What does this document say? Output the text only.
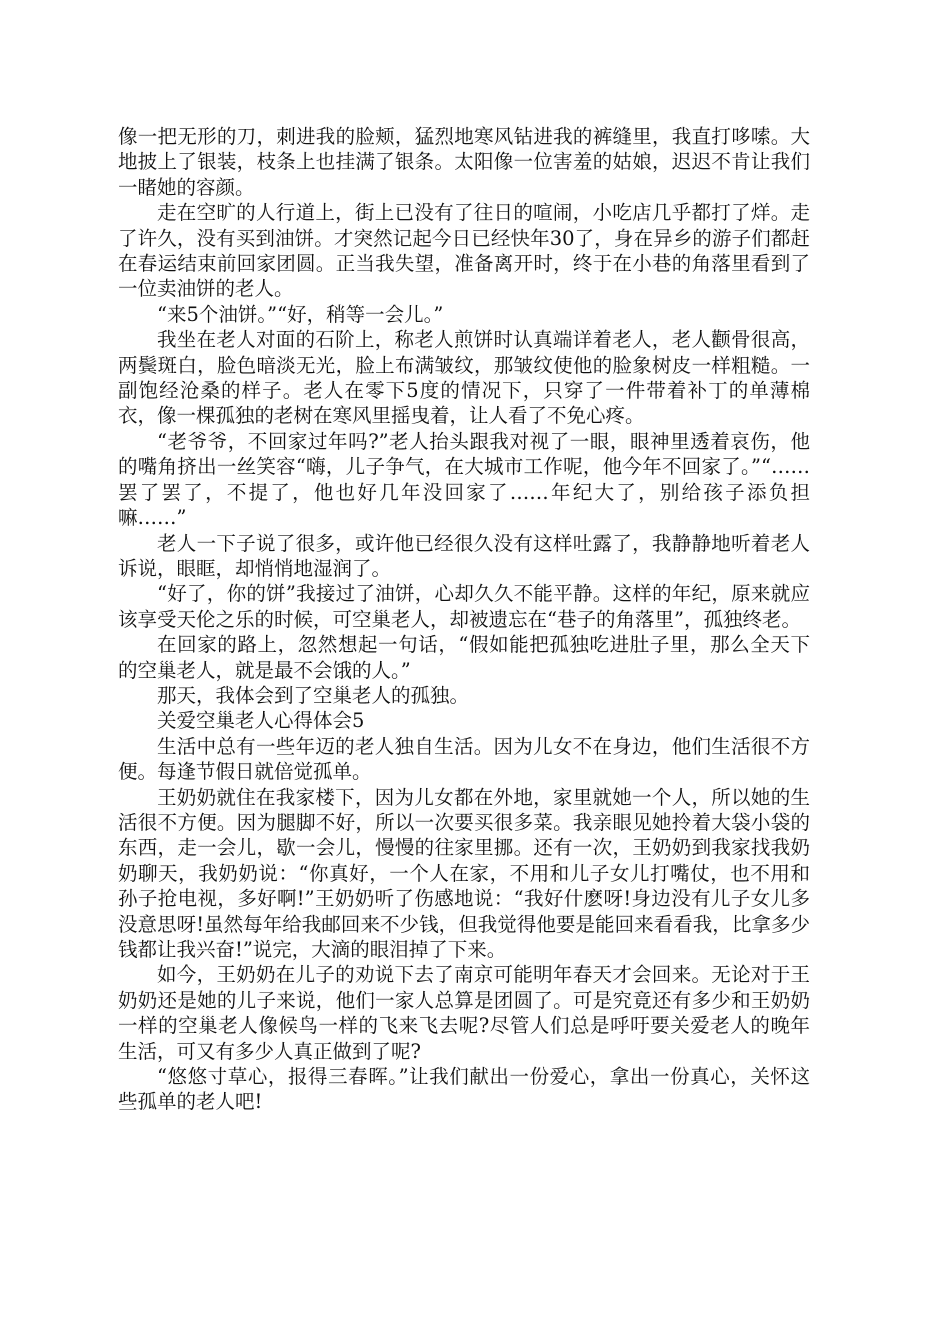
像一把无形的刀，刺进我的脸颊，猛烈地寒风钻进我的裤缝里，我直打哆嗦。大地披上了银装，枝条上也挂满了银条。太阳像一位害羞的姑娘，迟迟不肯让我们一睹她的容颜。

走在空旷的人行道上，街上已没有了往日的喧闹，小吃店几乎都打了烊。走了许久，没有买到油饼。才突然记起今日已经快年30了，身在异乡的游子们都赶在春运结束前回家团圆。正当我失望，准备离开时，终于在小巷的角落里看到了一位卖油饼的老人。

“来5个油饼。”“好，稍等一会儿。”

我坐在老人对面的石阶上，称老人煎饼时认真端详着老人，老人颧骨很高，两鬓斑白，脸色暗淡无光，脸上布满皱纹，那皱纹使他的脸象树皮一样粗糙。一副饱经沧桑的样子。老人在零下5度的情况下，只穿了一件带着补丁的单薄棉衣，像一棵孤独的老树在寒风里摇曳着，让人看了不免心疼。

“老爷爷，不回家过年吗?”老人抬头跟我对视了一眼，眼神里透着哀伤，他的嘴角挤出一丝笑容“嗨，儿子争气，在大城市工作呢，他今年不回家了。”“……罢了罢了，不提了，他也好几年没回家了……年纪大了，别给孩子添负担嘛……”

老人一下子说了很多，或许他已经很久没有这样吐露了，我静静地听着老人诉说，眼眶，却悄悄地湿润了。

“好了，你的饼”我接过了油饼，心却久久不能平静。这样的年纪，原来就应该享受天伦之乐的时候，可空巢老人，却被遗忘在“巷子的角落里”，孤独终老。

在回家的路上，忽然想起一句话，“假如能把孤独吃进肚子里，那么全天下的空巢老人，就是最不会饿的人。”

那天，我体会到了空巢老人的孤独。

关爱空巢老人心得体会5

生活中总有一些年迈的老人独自生活。因为儿女不在身边，他们生活很不方便。每逢节假日就倍觉孤单。

王奶奶就住在我家楼下，因为儿女都在外地，家里就她一个人，所以她的生活很不方便。因为腿脚不好，所以一次要买很多菜。我亲眼见她拎着大袋小袋的东西，走一会儿，歇一会儿，慢慢的往家里挪。还有一次，王奶奶到我家找我奶奶聊天，我奶奶说：“你真好，一个人在家，不用和儿子女儿打嘴仗，也不用和孙子抢电视，多好啊!”王奶奶听了伤感地说：“我好什麽呀!身边没有儿子女儿多没意思呀!虽然每年给我邮回来不少钱，但我觉得他要是能回来看看我，比拿多少钱都让我兴奋!”说完，大滴的眼泪掉了下来。

如今，王奶奶在儿子的劝说下去了南京可能明年春天才会回来。无论对于王奶奶还是她的儿子来说，他们一家人总算是团圆了。可是究竟还有多少和王奶奶一样的空巢老人像候鸟一样的飞来飞去呢?尽管人们总是呼吁要关爱老人的晚年生活，可又有多少人真正做到了呢?

“悠悠寸草心，报得三春晖。”让我们献出一份爱心，拿出一份真心，关怀这些孤单的老人吧!
